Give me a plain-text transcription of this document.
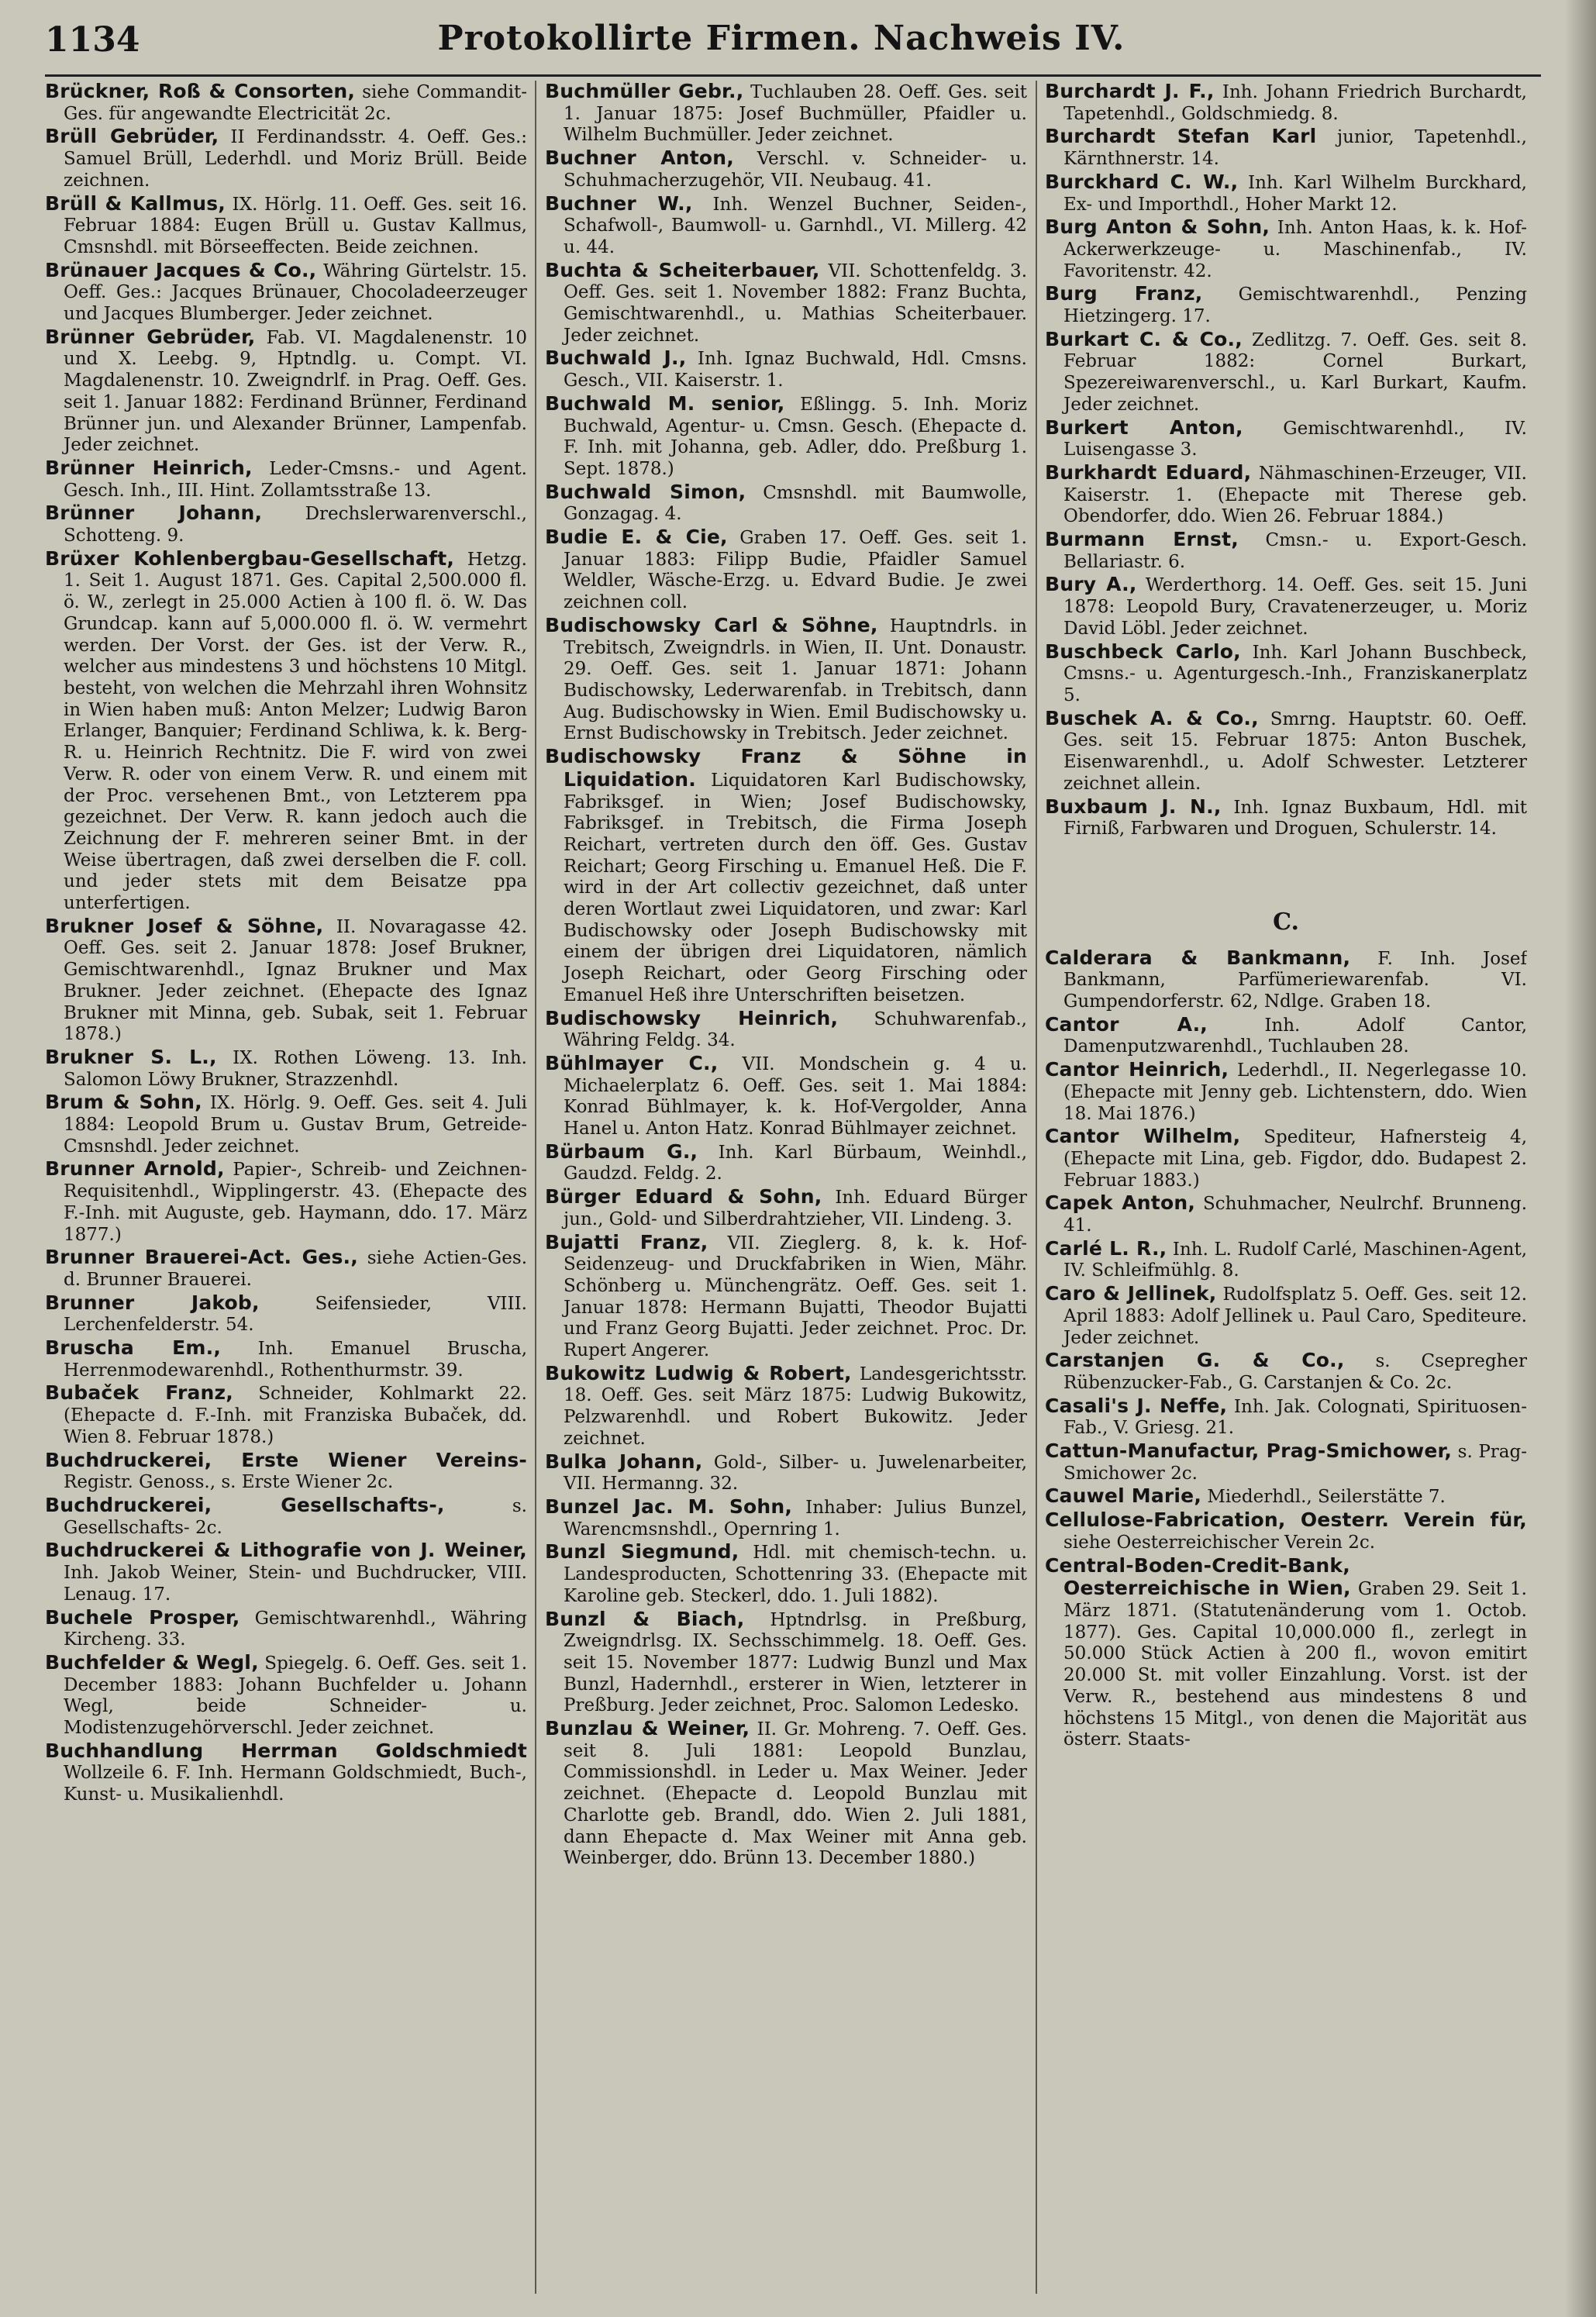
1134	Protokollirte Firmen. Nachweis IV.
Brückner, Roß & Consorten, siehe Commandit-Ges. für angewandte Electricität 2c.
Brüll Gebrüder, II Ferdinandsstr. 4. Oeff. Ges.: Samuel Brüll, Lederhdl. und Moriz Brüll. Beide zeichnen.
Brüll & Kallmus, IX. Hörlg. 11. Oeff. Ges. seit 16. Februar 1884: Eugen Brüll u. Gustav Kallmus, Cmsnshdl. mit Börseeffecten. Beide zeichnen.
Brünauer Jacques & Co., Währing Gürtelstr. 15. Oeff. Ges.: Jacques Brünauer, Chocoladeerzeuger und Jacques Blumberger. Jeder zeichnet.
Brünner Gebrüder, Fab. VI. Magdalenenstr. 10 und X. Leebg. 9, Hptndlg. u. Compt. VI. Magdalenenstr. 10. Zweigndrlf. in Prag. Oeff. Ges. seit 1. Januar 1882: Ferdinand Brünner, Ferdinand Brünner jun. und Alexander Brünner, Lampenfab. Jeder zeichnet.
Brünner Heinrich, Leder-Cmsns.- und Agent. Gesch. Inh., III. Hint. Zollamtsstraße 13.
Brünner Johann, Drechslerwarenverschl., Schotteng. 9.
Brüxer Kohlenbergbau-Gesellschaft, Hetzg. 1. Seit 1. August 1871. Ges. Capital 2,500.000 fl. ö. W., zerlegt in 25.000 Actien à 100 fl. ö. W. Das Grundcap. kann auf 5,000.000 fl. ö. W. vermehrt werden. Der Vorst. der Ges. ist der Verw. R., welcher aus mindestens 3 und höchstens 10 Mitgl. besteht, von welchen die Mehrzahl ihren Wohnsitz in Wien haben muß: Anton Melzer; Ludwig Baron Erlanger, Banquier; Ferdinand Schliwa, k. k. Berg-R. u. Heinrich Rechtnitz. Die F. wird von zwei Verw. R. oder von einem Verw. R. und einem mit der Proc. versehenen Bmt., von Letzterem ppa gezeichnet. Der Verw. R. kann jedoch auch die Zeichnung der F. mehreren seiner Bmt. in der Weise übertragen, daß zwei derselben die F. coll. und jeder stets mit dem Beisatze ppa unterfertigen.
Brukner Josef & Söhne, II. Novaragasse 42. Oeff. Ges. seit 2. Januar 1878: Josef Brukner, Gemischtwarenhdl., Ignaz Brukner und Max Brukner. Jeder zeichnet. (Ehepacte des Ignaz Brukner mit Minna, geb. Subak, seit 1. Februar 1878.)
Brukner S. L., IX. Rothen Löweng. 13. Inh. Salomon Löwy Brukner, Strazzenhdl.
Brum & Sohn, IX. Hörlg. 9. Oeff. Ges. seit 4. Juli 1884: Leopold Brum u. Gustav Brum, Getreide-Cmsnshdl. Jeder zeichnet.
Brunner Arnold, Papier-, Schreib- und Zeichnen-Requisitenhdl., Wipplingerstr. 43. (Ehepacte des F.-Inh. mit Auguste, geb. Haymann, ddo. 17. März 1877.)
Brunner Brauerei-Act. Ges., siehe Actien-Ges. d. Brunner Brauerei.
Brunner Jakob,	Seifensieder, VIII. Lerchenfelderstr. 54.
Bruscha Em., Inh. Emanuel Bruscha, Herrenmodewarenhdl., Rothenthurmstr. 39.
Bubaček Franz, Schneider, Kohlmarkt 22. (Ehepacte d. F.-Inh. mit Franziska Bubaček, dd. Wien 8. Februar 1878.)
Buchdruckerei, Erste Wiener Vereins- Registr. Genoss., s. Erste Wiener 2c.
Buchdruckerei, Gesellschafts-,	s. Gesellschafts- 2c.
Buchdruckerei & Lithografie von J. Weiner, Inh. Jakob Weiner, Stein- und Buchdrucker, VIII. Lenaug. 17.
Buchele Prosper, Gemischtwarenhdl., Währing Kircheng. 33.
Buchfelder & Wegl, Spiegelg. 6. Oeff. Ges. seit 1. December 1883: Johann Buchfelder u. Johann Wegl, beide Schneider- u. Modistenzugehörverschl. Jeder zeichnet.
Buchhandlung Herrman Goldschmiedt Wollzeile 6. F. Inh. Hermann Goldschmiedt, Buch-, Kunst- u. Musikalienhdl.
Buchmüller Gebr., Tuchlauben 28. Oeff. Ges. seit 1. Januar 1875: Josef Buchmüller, Pfaidler u. Wilhelm Buchmüller. Jeder zeichnet.
Buchner Anton, Verschl. v. Schneider- u. Schuhmacherzugehör, VII. Neubaug. 41.
Buchner W., Inh. Wenzel Buchner, Seiden-, Schafwoll-, Baumwoll- u. Garnhdl., VI. Millerg. 42 u. 44.
Buchta & Scheiterbauer, VII. Schottenfeldg. 3. Oeff. Ges. seit 1. November 1882: Franz Buchta, Gemischtwarenhdl., u. Mathias Scheiterbauer. Jeder zeichnet.
Buchwald J., Inh. Ignaz Buchwald, Hdl. Cmsns. Gesch., VII. Kaiserstr. 1.
Buchwald M. senior, Eßlingg. 5. Inh. Moriz Buchwald, Agentur- u. Cmsn. Gesch. (Ehepacte d. F. Inh. mit Johanna, geb. Adler, ddo. Preßburg 1. Sept. 1878.)
Buchwald Simon, Cmsnshdl. mit Baumwolle, Gonzagag. 4.
Budie E. & Cie, Graben 17. Oeff. Ges. seit 1. Januar 1883: Filipp Budie, Pfaidler Samuel Weldler, Wäsche-Erzg. u. Edvard Budie. Je zwei zeichnen coll.
Budischowsky Carl & Söhne, Hauptndrls. in Trebitsch, Zweigndrls. in Wien, II. Unt. Donaustr. 29. Oeff. Ges. seit 1. Januar 1871: Johann Budischowsky, Lederwarenfab. in Trebitsch, dann Aug. Budischowsky in Wien. Emil Budischowsky u. Ernst Budischowsky in Trebitsch. Jeder zeichnet.
Budischowsky Franz & Söhne in Liquidation. Liquidatoren Karl Budischowsky, Fabriksgef. in Wien; Josef Budischowsky, Fabriksgef. in Trebitsch, die Firma Joseph Reichart, vertreten durch den öff. Ges. Gustav Reichart; Georg Firsching u. Emanuel Heß. Die F. wird in der Art collectiv gezeichnet, daß unter deren Wortlaut zwei Liquidatoren, und zwar: Karl Budischowsky oder Joseph Budischowsky mit einem der übrigen drei Liquidatoren, nämlich Joseph Reichart, oder Georg Firsching oder Emanuel Heß ihre Unterschriften beisetzen.
Budischowsky Heinrich, Schuhwarenfab., Währing Feldg. 34.
Bühlmayer C., VII. Mondschein g. 4 u. Michaelerplatz 6. Oeff. Ges. seit 1. Mai 1884: Konrad Bühlmayer, k. k. Hof-Vergolder, Anna Hanel u. Anton Hatz. Konrad Bühlmayer zeichnet.
Bürbaum G., Inh. Karl Bürbaum, Weinhdl., Gaudzd. Feldg. 2.
Bürger Eduard & Sohn, Inh. Eduard Bürger jun., Gold- und Silberdrahtzieher, VII. Lindeng. 3.
Bujatti Franz, VII. Zieglerg. 8, k. k. Hof-Seidenzeug- und Druckfabriken in Wien, Mähr. Schönberg u. Münchengrätz. Oeff. Ges. seit 1. Januar 1878: Hermann Bujatti, Theodor Bujatti und Franz Georg Bujatti. Jeder zeichnet. Proc. Dr. Rupert Angerer.
Bukowitz Ludwig & Robert, Landesgerichtsstr. 18. Oeff. Ges. seit März 1875: Ludwig Bukowitz, Pelzwarenhdl. und Robert Bukowitz. Jeder zeichnet.
Bulka Johann, Gold-, Silber- u. Juwelenarbeiter, VII. Hermanng. 32.
Bunzel Jac. M. Sohn, Inhaber: Julius Bunzel, Warencmsnshdl., Opernring 1.
Bunzl Siegmund, Hdl. mit chemisch-techn. u. Landesproducten, Schottenring 33. (Ehepacte mit Karoline geb. Steckerl, ddo. 1. Juli 1882).
Bunzl & Biach, Hptndrlsg. in Preßburg, Zweigndrlsg. IX. Sechsschimmelg. 18. Oeff. Ges. seit 15. November 1877: Ludwig Bunzl und Max Bunzl, Hadernhdl., ersterer in Wien, letzterer in Preßburg. Jeder zeichnet, Proc. Salomon Ledesko.
Bunzlau & Weiner, II. Gr. Mohreng. 7. Oeff. Ges. seit 8. Juli 1881: Leopold Bunzlau, Commissionshdl. in Leder u. Max Weiner. Jeder zeichnet. (Ehepacte d. Leopold Bunzlau mit Charlotte geb. Brandl, ddo. Wien 2. Juli 1881, dann Ehepacte d. Max Weiner mit Anna geb. Weinberger, ddo. Brünn 13. December 1880.)
Burchardt J. F., Inh. Johann Friedrich Burchardt, Tapetenhdl., Goldschmiedg. 8.
Burchardt Stefan Karl junior, Tapetenhdl., Kärnthnerstr. 14.
Burckhard C. W., Inh. Karl Wilhelm Burckhard, Ex- und Importhdl., Hoher Markt 12.
Burg Anton & Sohn, Inh. Anton Haas, k. k. Hof-Ackerwerkzeuge- u. Maschinenfab., IV. Favoritenstr. 42.
Burg Franz, Gemischtwarenhdl., Penzing Hietzingerg. 17.
Burkart C. & Co., Zedlitzg. 7. Oeff. Ges. seit 8. Februar 1882: Cornel Burkart, Spezereiwarenverschl., u. Karl Burkart, Kaufm. Jeder zeichnet.
Burkert Anton, Gemischtwarenhdl., IV. Luisengasse 3.
Burkhardt Eduard, Nähmaschinen-Erzeuger, VII. Kaiserstr. 1. (Ehepacte mit Therese geb. Obendorfer, ddo. Wien 26. Februar 1884.)
Burmann Ernst, Cmsn.- u. Export-Gesch. Bellariastr. 6.
Bury A., Werderthorg. 14. Oeff. Ges. seit 15. Juni 1878: Leopold Bury, Cravatenerzeuger, u. Moriz David Löbl. Jeder zeichnet.
Buschbeck Carlo, Inh. Karl Johann Buschbeck, Cmsns.- u. Agenturgesch.-Inh., Franziskanerplatz 5.
Buschek A. & Co., Smrng. Hauptstr. 60. Oeff. Ges. seit 15. Februar 1875: Anton Buschek, Eisenwarenhdl., u. Adolf Schwester. Letzterer zeichnet allein.
Buxbaum J. N., Inh. Ignaz Buxbaum, Hdl. mit Firniß, Farbwaren und Droguen, Schulerstr. 14.
C.
Calderara & Bankmann, F. Inh. Josef Bankmann, Parfümeriewarenfab. VI. Gumpendorferstr. 62, Ndlge. Graben 18.
Cantor A.,	Inh. Adolf Cantor, Damenputzwarenhdl., Tuchlauben 28.
Cantor Heinrich, Lederhdl., II. Negerlegasse 10. (Ehepacte mit Jenny geb. Lichtenstern, ddo. Wien 18. Mai 1876.)
Cantor Wilhelm, Spediteur, Hafnersteig 4, (Ehepacte mit Lina, geb. Figdor, ddo. Budapest 2. Februar 1883.)
Capek Anton, Schuhmacher, Neulrchf. Brunneng. 41.
Carlé L. R., Inh. L. Rudolf Carlé, Maschinen-Agent, IV. Schleifmühlg. 8.
Caro & Jellinek, Rudolfsplatz 5. Oeff. Ges. seit 12. April 1883: Adolf Jellinek u. Paul Caro, Spediteure. Jeder zeichnet.
Carstanjen G. & Co., s. Csepregher Rübenzucker-Fab., G. Carstanjen & Co. 2c.
Casali's J. Neffe, Inh. Jak. Colognati, Spirituosen-Fab., V. Griesg. 21.
Cattun-Manufactur, Prag-Smichower, s. Prag-Smichower 2c.
Cauwel Marie, Miederhdl., Seilerstätte 7.
Cellulose-Fabrication, Oesterr. Verein für, siehe Oesterreichischer Verein 2c.
Central-Boden-Credit-Bank, Oesterreichische in Wien, Graben 29. Seit 1. März 1871. (Statutenänderung vom 1. Octob. 1877). Ges. Capital 10,000.000 fl., zerlegt in 50.000 Stück Actien à 200 fl., wovon emitirt 20.000 St. mit voller Einzahlung. Vorst. ist der Verw. R., bestehend aus mindestens 8 und höchstens 15 Mitgl., von denen die Majorität aus österr. Staats-
